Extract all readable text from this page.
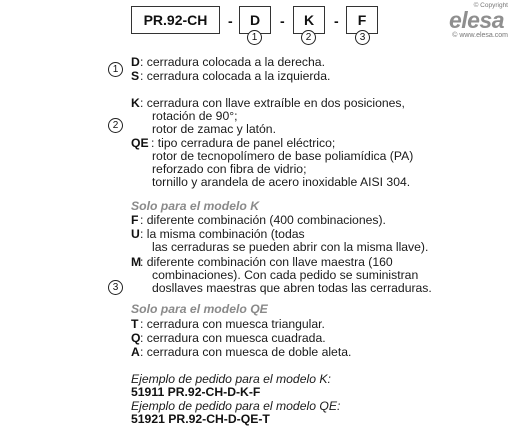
PR.92-CH - D - K - F
1	2	3
© Copyright
elesa
© www.elesa.com
1	D : cerradura colocada a la derecha.
S : cerradura colocada a la izquierda.
2
K : cerradura con llave extraíble en dos posiciones,
rotación de 90°;
rotor de zamac y latón.
QE : tipo cerradura de panel eléctrico;
rotor de tecnopolímero de base poliamídica (PA)
reforzado con fibra de vidrio;
tornillo y arandela de acero inoxidable AISI 304.
3
Solo para el modelo K
F : diferente combinación (400 combinaciones).
U : la misma combinación (todas
las cerraduras se pueden abrir con la misma llave).
M
: diferente combinación con llave maestra (160
combinaciones). Con cada pedido se suministran
dosllaves maestras que abren todas las cerraduras.
Solo para el modelo QE
T : cerradura con muesca triangular.
Q : cerradura con muesca cuadrada.
A : cerradura con muesca de doble aleta.
Ejemplo de pedido para el modelo K:
51911 PR.92-CH-D-K-F
Ejemplo de pedido para el modelo QE:
51921 PR.92-CH-D-QE-T
